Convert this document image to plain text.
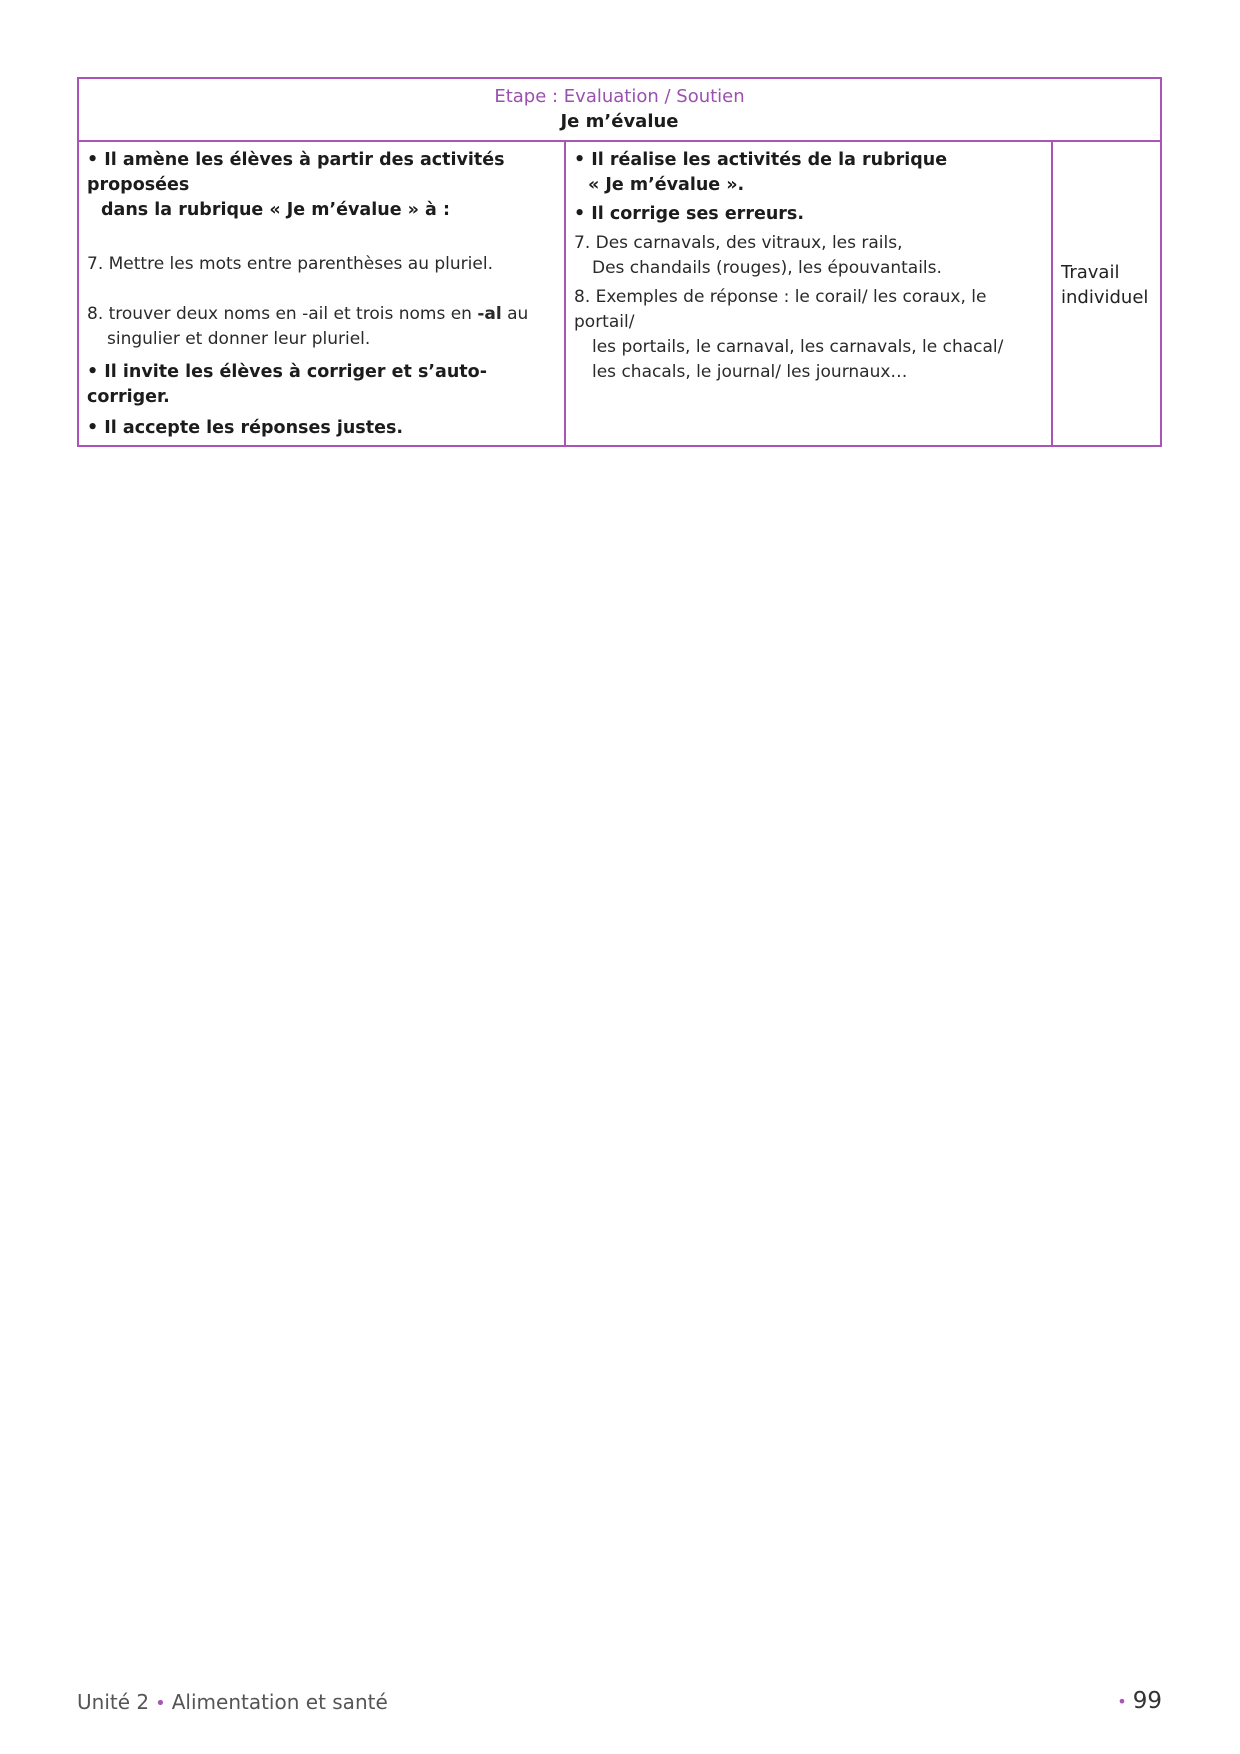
Etape : Evaluation / Soutien
Je m’évalue
• Il amène les élèves à partir des activités proposées
dans la rubrique « Je m’évalue » à :
7. Mettre les mots entre parenthèses au pluriel.
8. trouver deux noms en -ail et trois noms en -al au
singulier et donner leur pluriel.
• Il invite les élèves à corriger et s’auto-corriger.
• Il accepte les réponses justes.
• Il réalise les activités de la rubrique
« Je m’évalue ».
• Il corrige ses erreurs.
7. Des carnavals, des vitraux, les rails,
Des chandails (rouges), les épouvantails.
8. Exemples de réponse : le corail/ les coraux, le portail/
les portails, le carnaval, les carnavals, le chacal/
les chacals, le journal/ les journaux…
Travail
individuel
Unité 2 • Alimentation et santé	• 99
